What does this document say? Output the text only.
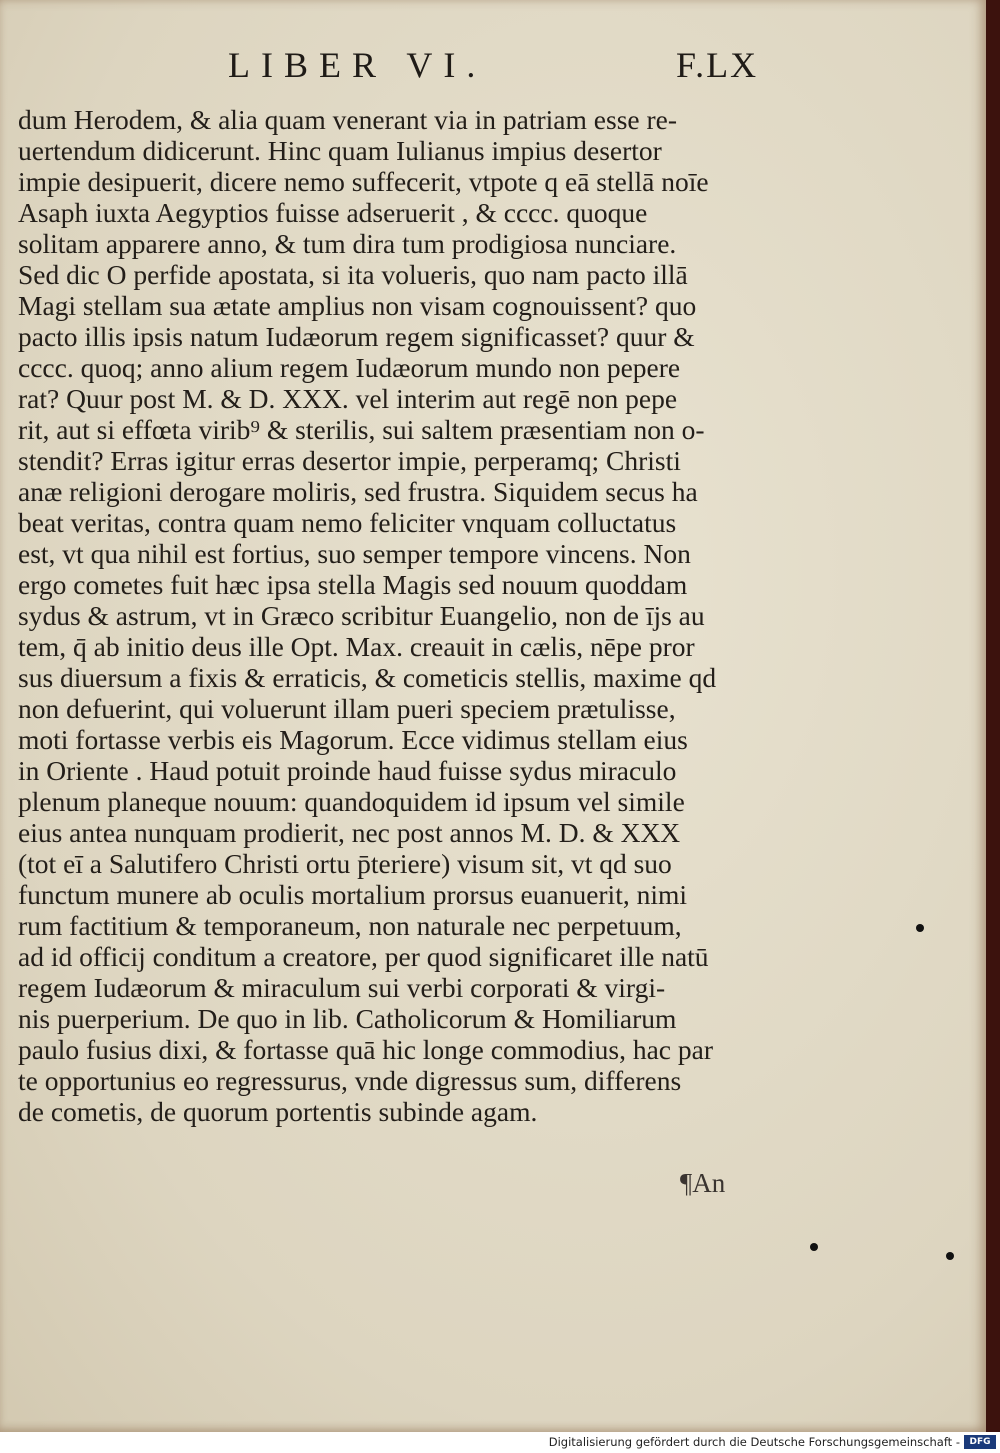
LIBER VI.	F.LX
dum Herodem, & alia quam venerant via in patriam esse re-
uertendum didicerunt. Hinc quam Iulianus impius desertor
impie desipuerit, dicere nemo suffecerit, vtpote q eā stellā noīe
Asaph iuxta Aegyptios fuisse adseruerit , & cccc. quoque
solitam apparere anno, & tum dira tum prodigiosa nunciare.
Sed dic O perfide apostata, si ita volueris, quo nam pacto illā
Magi stellam sua ætate amplius non visam cognouissent? quo
pacto illis ipsis natum Iudæorum regem significasset? quur &
cccc. quoq; anno alium regem Iudæorum mundo non pepere
rat? Quur post M. & D. XXX. vel interim aut regē non pepe
rit, aut si effœta virib⁹ & sterilis, sui saltem præsentiam non o-
stendit? Erras igitur erras desertor impie, perperamq; Christi
anæ religioni derogare moliris, sed frustra. Siquidem secus ha
beat veritas, contra quam nemo feliciter vnquam colluctatus
est, vt qua nihil est fortius, suo semper tempore vincens. Non
ergo cometes fuit hæc ipsa stella Magis sed nouum quoddam
sydus & astrum, vt in Græco scribitur Euangelio, non de ījs au
tem, q̄ ab initio deus ille Opt. Max. creauit in cælis, nēpe pror
sus diuersum a fixis & erraticis, & cometicis stellis, maxime qd
non defuerint, qui voluerunt illam pueri speciem prætulisse,
moti fortasse verbis eis Magorum. Ecce vidimus stellam eius
in Oriente . Haud potuit proinde haud fuisse sydus miraculo
plenum planeque nouum: quandoquidem id ipsum vel simile
eius antea nunquam prodierit, nec post annos M. D. & XXX
(tot eī a Salutifero Christi ortu p̄teriere) visum sit, vt qd suo
functum munere ab oculis mortalium prorsus euanuerit, nimi
rum factitium & temporaneum, non naturale nec perpetuum,
ad id officij conditum a creatore, per quod significaret ille natū
regem Iudæorum & miraculum sui verbi corporati & virgi-
nis puerperium. De quo in lib. Catholicorum & Homiliarum
paulo fusius dixi, & fortasse quā hic longe commodius, hac par
te opportunius eo regressurus, vnde digressus sum, differens
de cometis, de quorum portentis subinde agam.
¶An
Digitalisierung gefördert durch die Deutsche Forschungsgemeinschaft -	DFG
